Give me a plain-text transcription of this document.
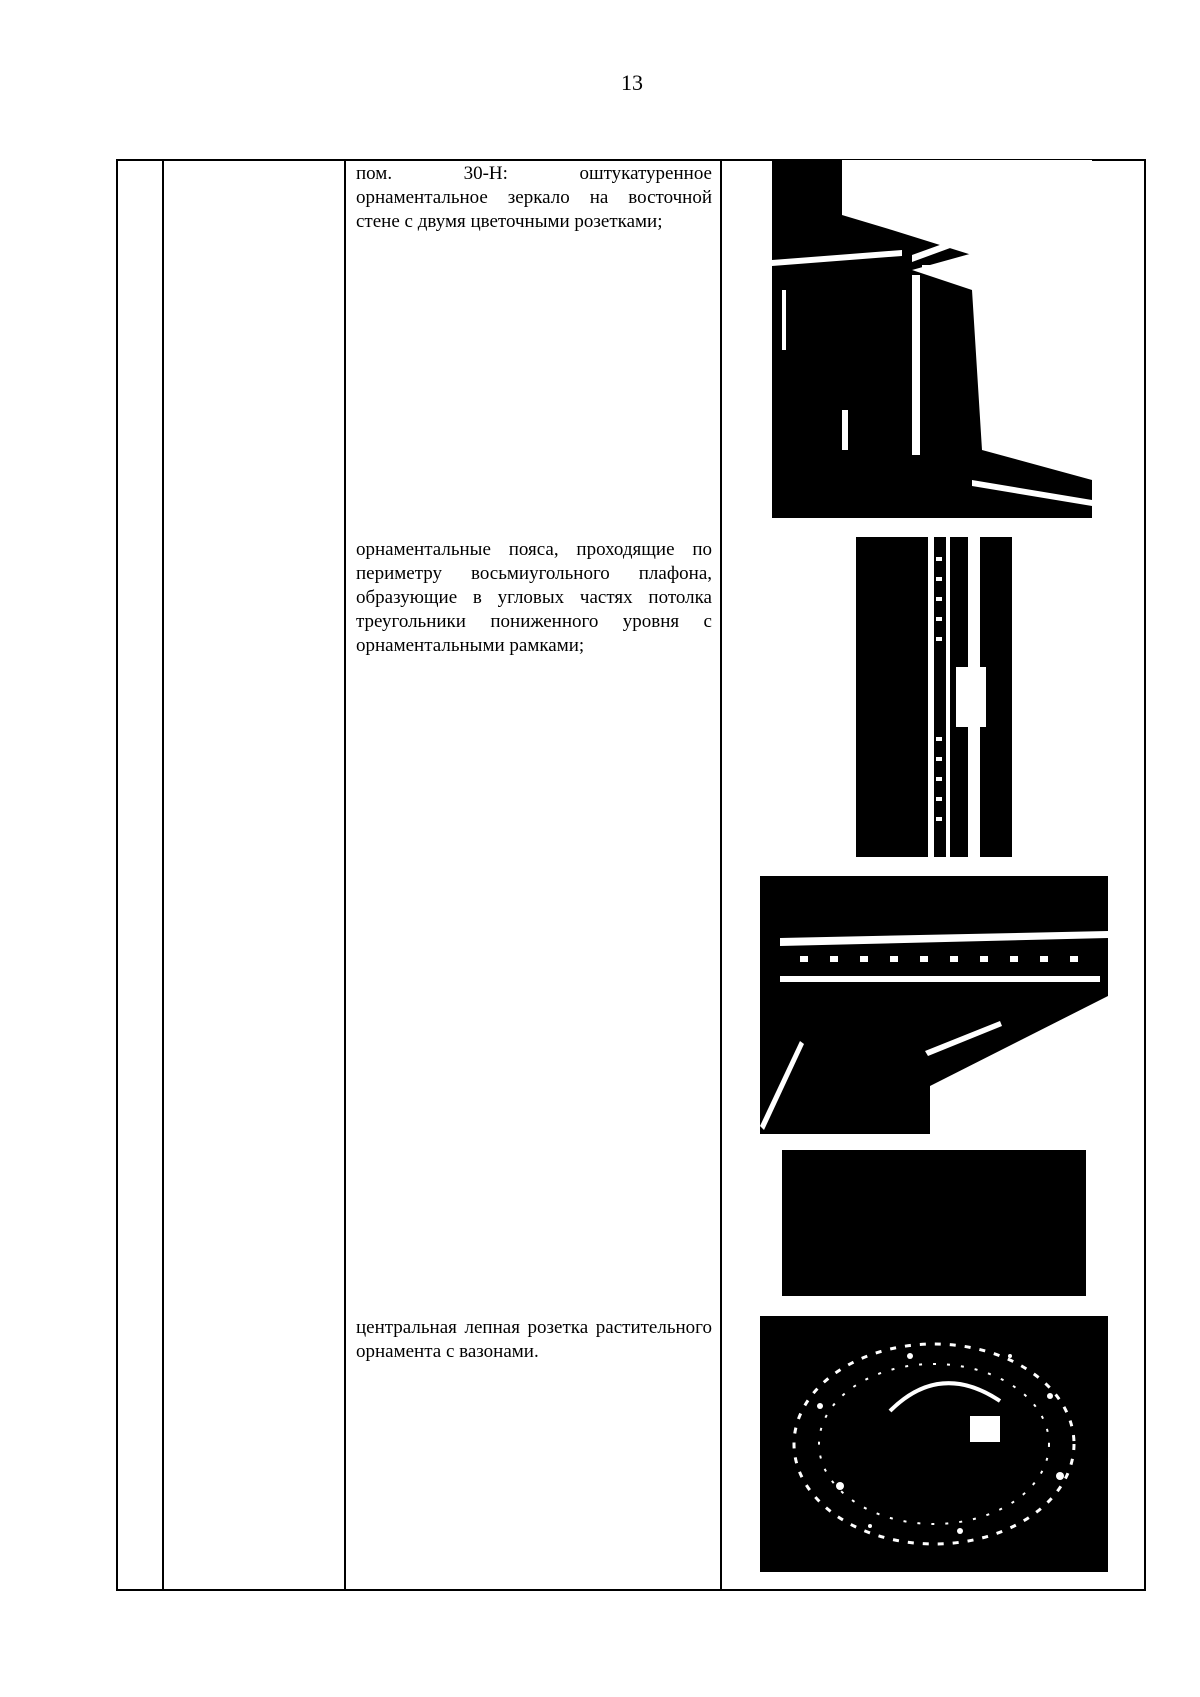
13
пом. 30-Н: оштукатуренное орнаментальное зеркало на восточной стене с двумя цветочными розетками;
орнаментальные пояса, проходящие по периметру восьмиугольного плафона, образующие в угловых частях потолка треугольники пониженного уровня с орнаментальными рамками;
центральная лепная розетка растительного орнамента с вазонами.
